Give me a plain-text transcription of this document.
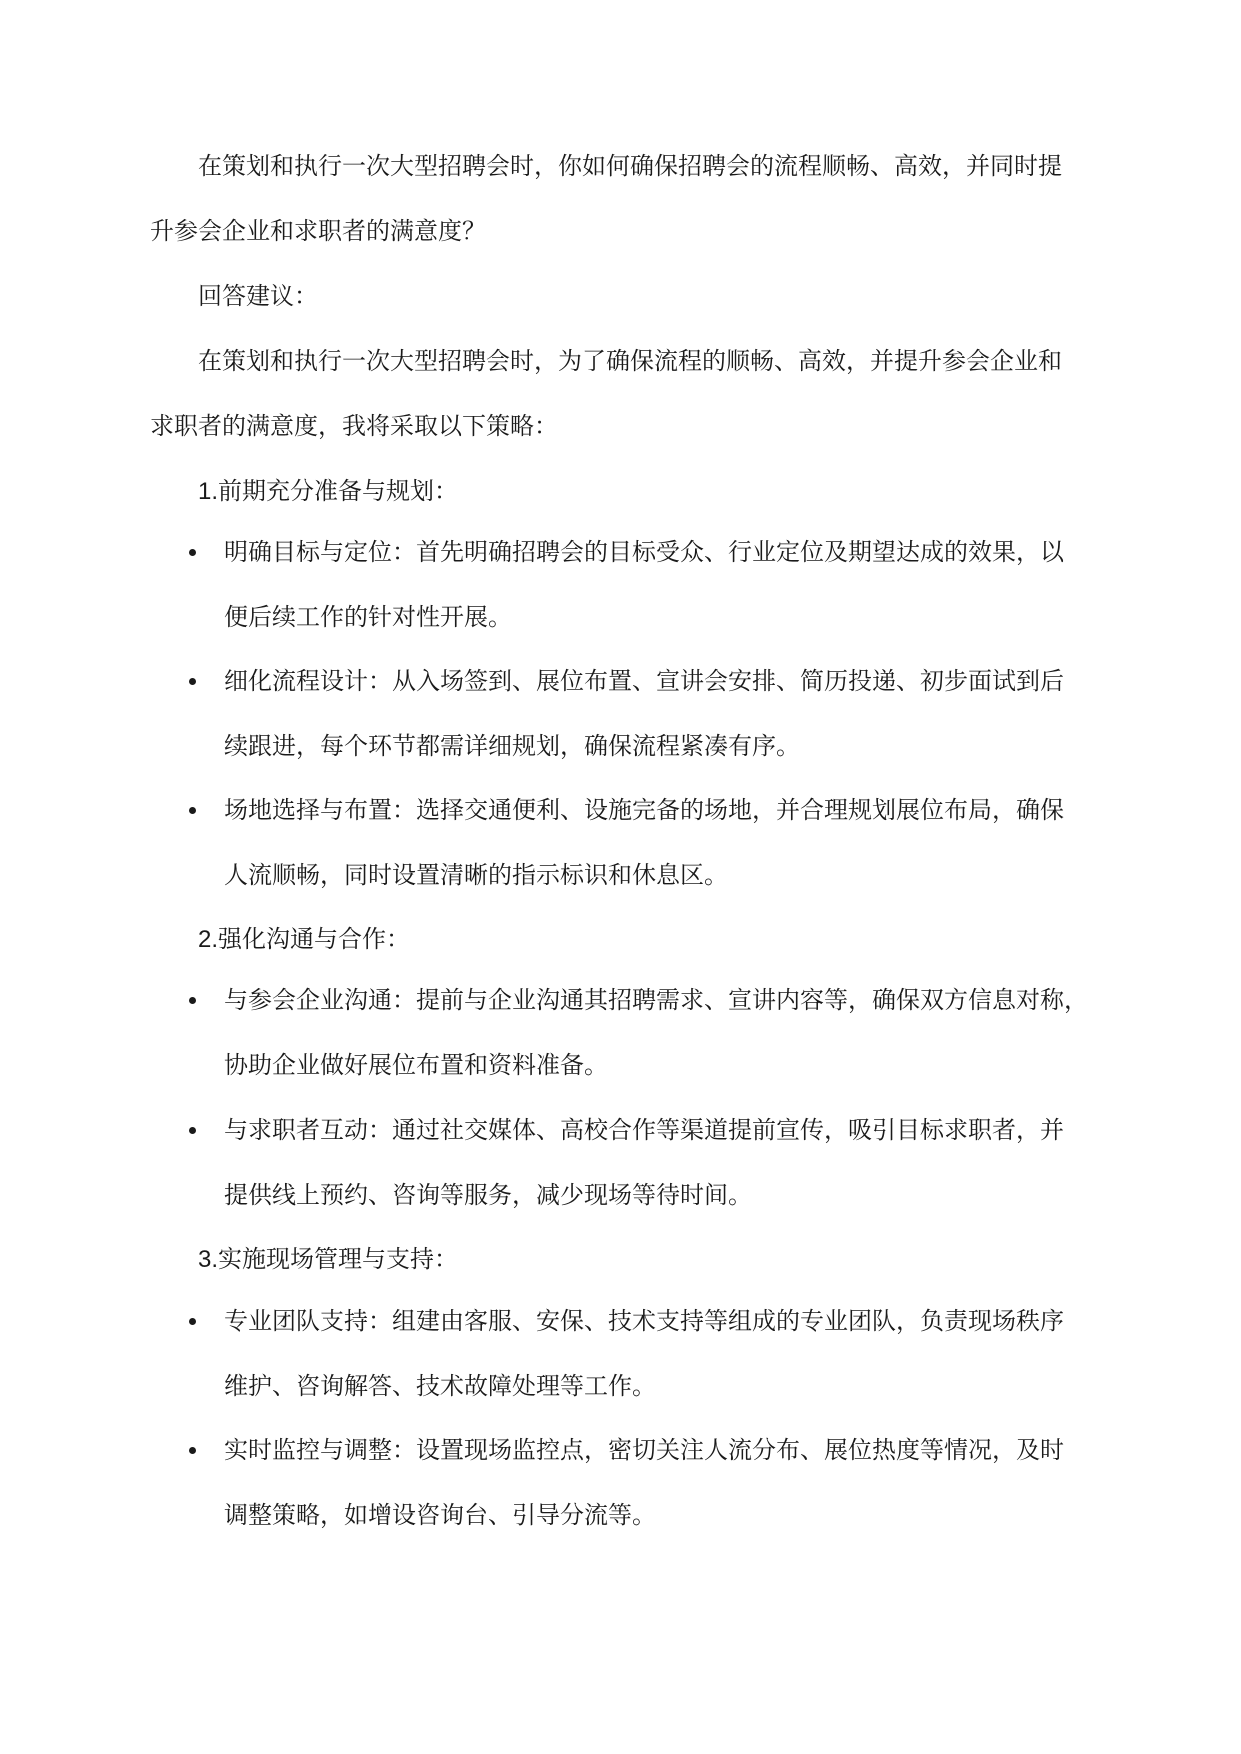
在策划和执行一次大型招聘会时，你如何确保招聘会的流程顺畅、高效，并同时提
升参会企业和求职者的满意度？
回答建议：
在策划和执行一次大型招聘会时，为了确保流程的顺畅、高效，并提升参会企业和
求职者的满意度，我将采取以下策略：
1.前期充分准备与规划：
明确目标与定位：首先明确招聘会的目标受众、行业定位及期望达成的效果，以
便后续工作的针对性开展。
细化流程设计：从入场签到、展位布置、宣讲会安排、简历投递、初步面试到后
续跟进，每个环节都需详细规划，确保流程紧凑有序。
场地选择与布置：选择交通便利、设施完备的场地，并合理规划展位布局，确保
人流顺畅，同时设置清晰的指示标识和休息区。
2.强化沟通与合作：
与参会企业沟通：提前与企业沟通其招聘需求、宣讲内容等，确保双方信息对称，
协助企业做好展位布置和资料准备。
与求职者互动：通过社交媒体、高校合作等渠道提前宣传，吸引目标求职者，并
提供线上预约、咨询等服务，减少现场等待时间。
3.实施现场管理与支持：
专业团队支持：组建由客服、安保、技术支持等组成的专业团队，负责现场秩序
维护、咨询解答、技术故障处理等工作。
实时监控与调整：设置现场监控点，密切关注人流分布、展位热度等情况，及时
调整策略，如增设咨询台、引导分流等。
